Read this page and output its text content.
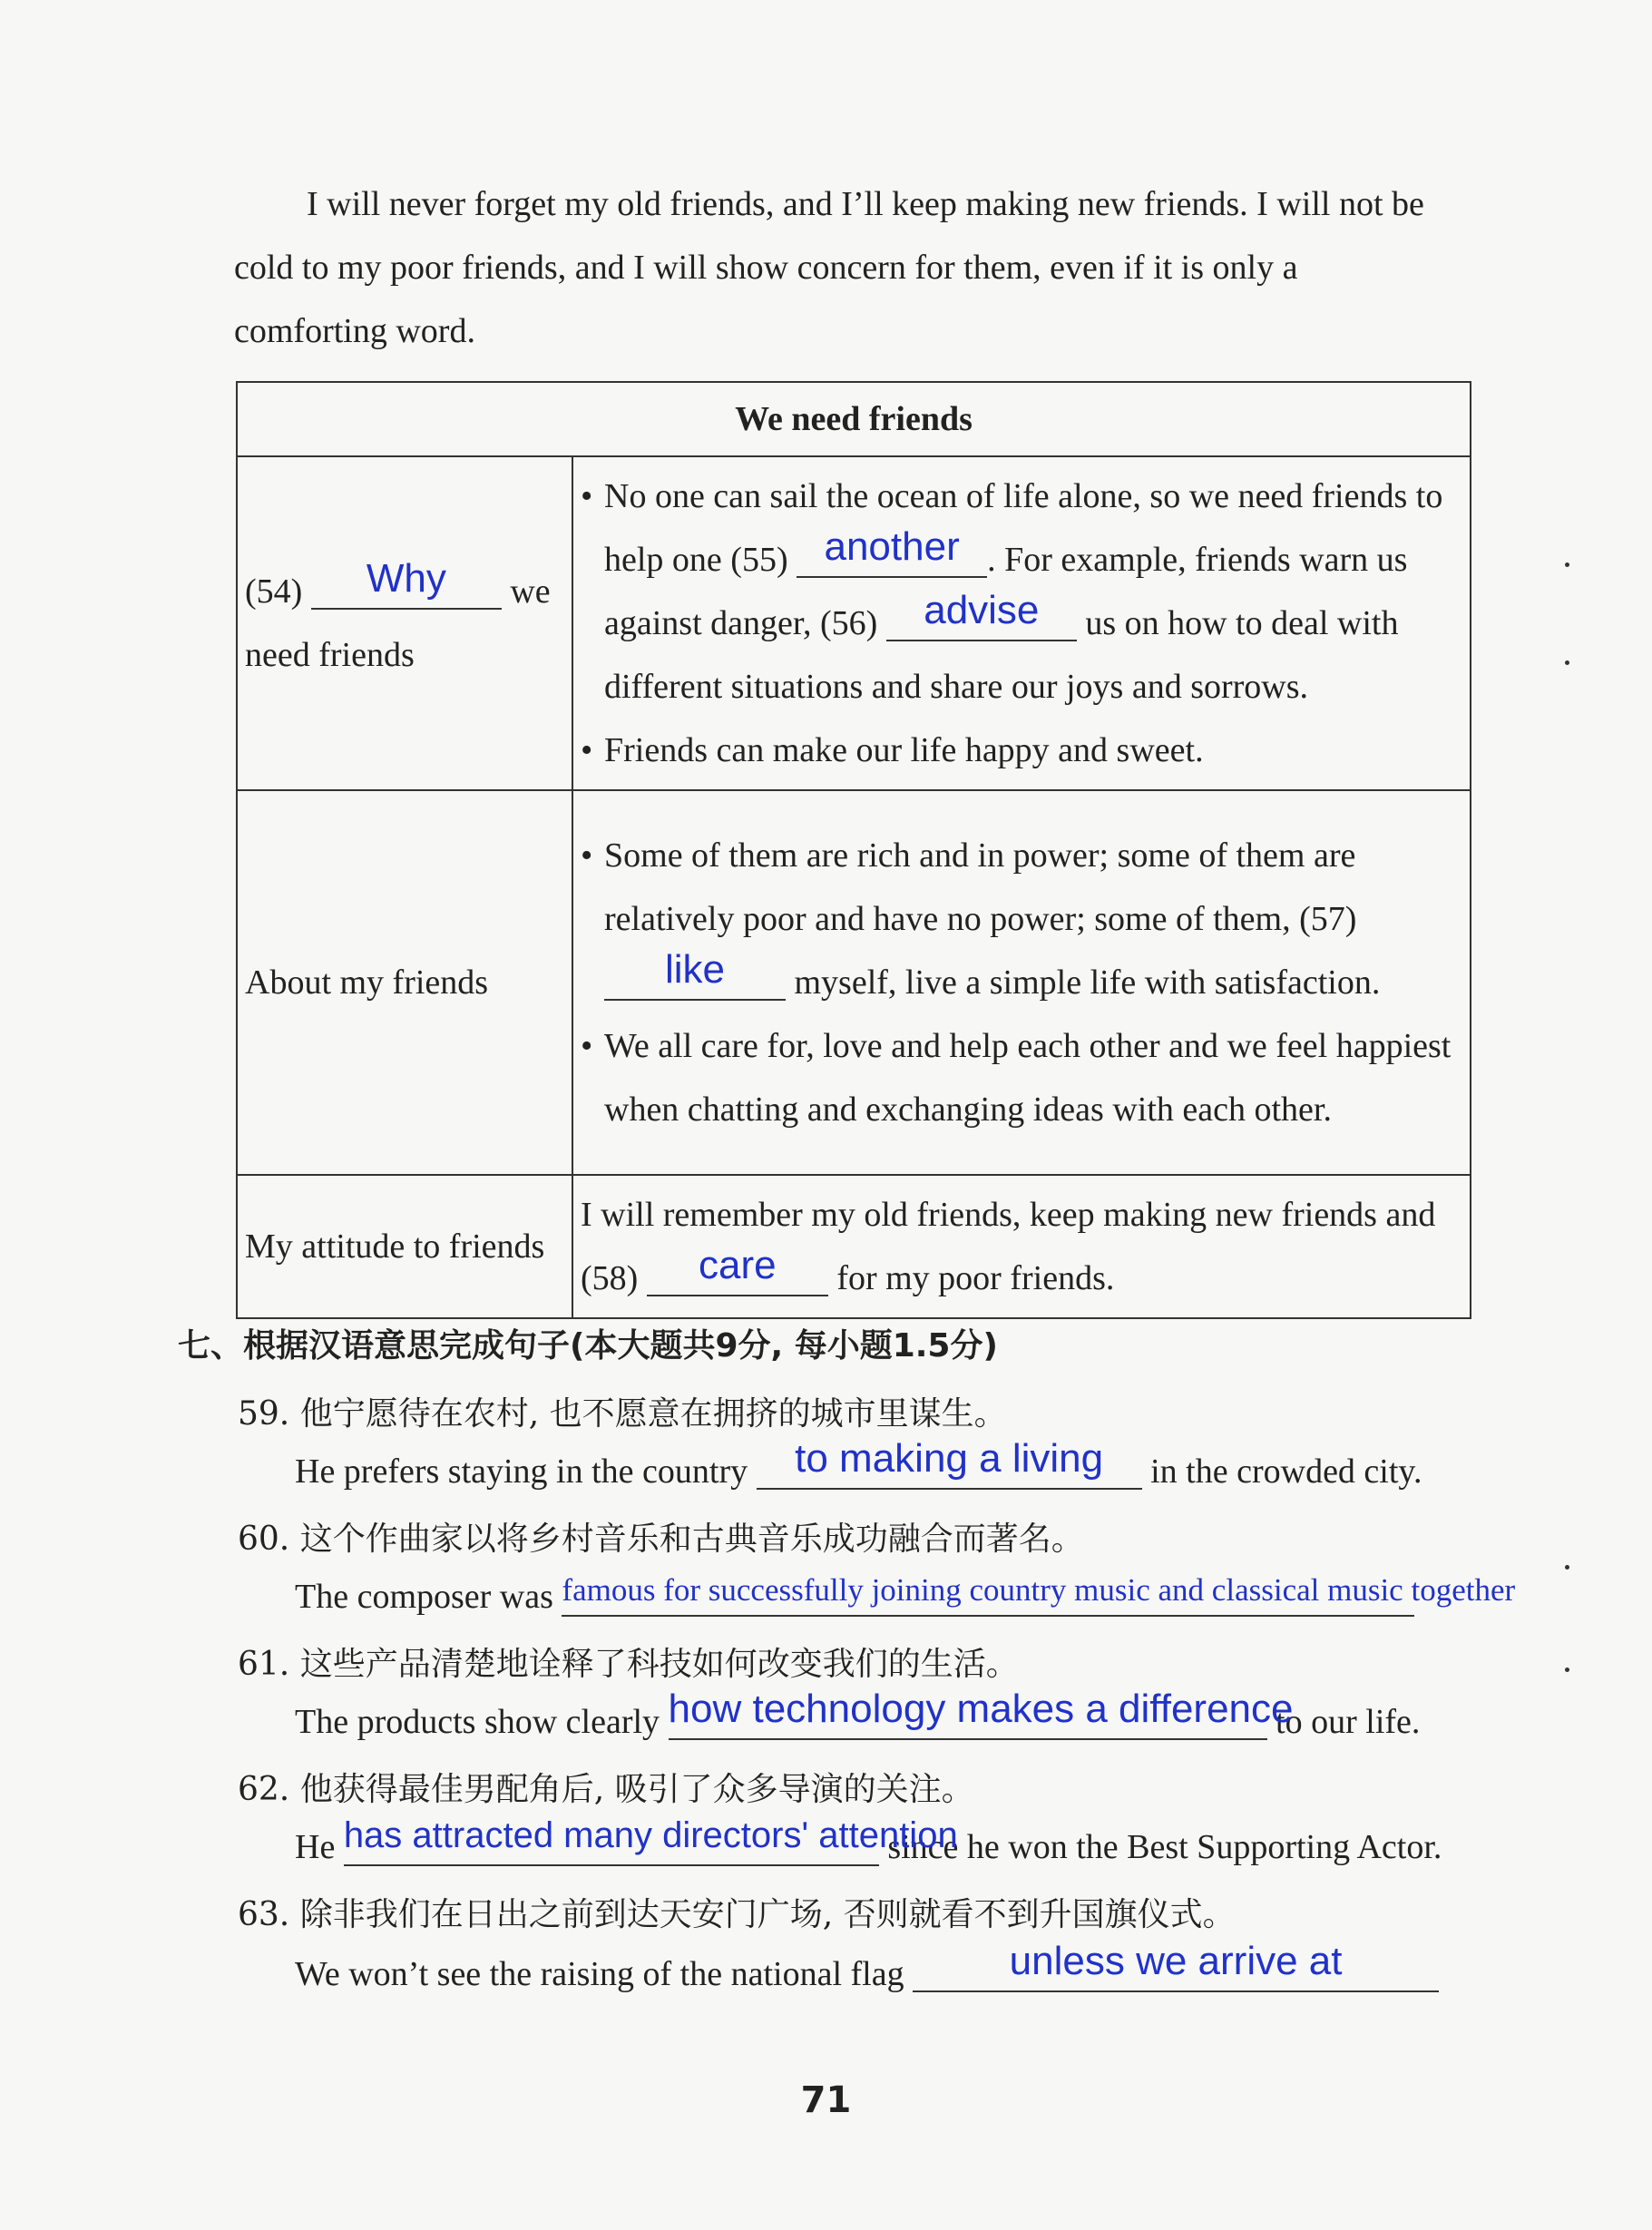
I will never forget my old friends, and I’ll keep making new friends. I will not be cold to my poor friends, and I will show concern for them, even if it is only a comforting word.
We need friends	
(54) Why we need friends	• No one can sail the ocean of life alone, so we need friends to help one (55) another . For example, friends warn us against danger, (56) advise us on how to deal with different situations and share our joys and sorrows.
• Friends can make our life happy and sweet.

About my friends	• Some of them are rich and in power; some of them are relatively poor and have no power; some of them, (57) like myself, live a simple life with satisfaction.
• We all care for, love and help each other and we feel happiest when chatting and exchanging ideas with each other.

My attitude to friends	I will remember my old friends, keep making new friends and (58) care for my poor friends.
七、根据汉语意思完成句子(本大题共9分, 每小题1.5分)
59. 他宁愿待在农村, 也不愿意在拥挤的城市里谋生。
He prefers staying in the country to making a living in the crowded city.
60. 这个作曲家以将乡村音乐和古典音乐成功融合而著名。
The composer was famous for successfully joining country music and classical music together
61. 这些产品清楚地诠释了科技如何改变我们的生活。
The products show clearly how technology makes a difference to our life.
62. 他获得最佳男配角后, 吸引了众多导演的关注。
He has attracted many directors' attention since he won the Best Supporting Actor.
63. 除非我们在日出之前到达天安门广场, 否则就看不到升国旗仪式。
We won’t see the raising of the national flag	unless we arrive at
71
